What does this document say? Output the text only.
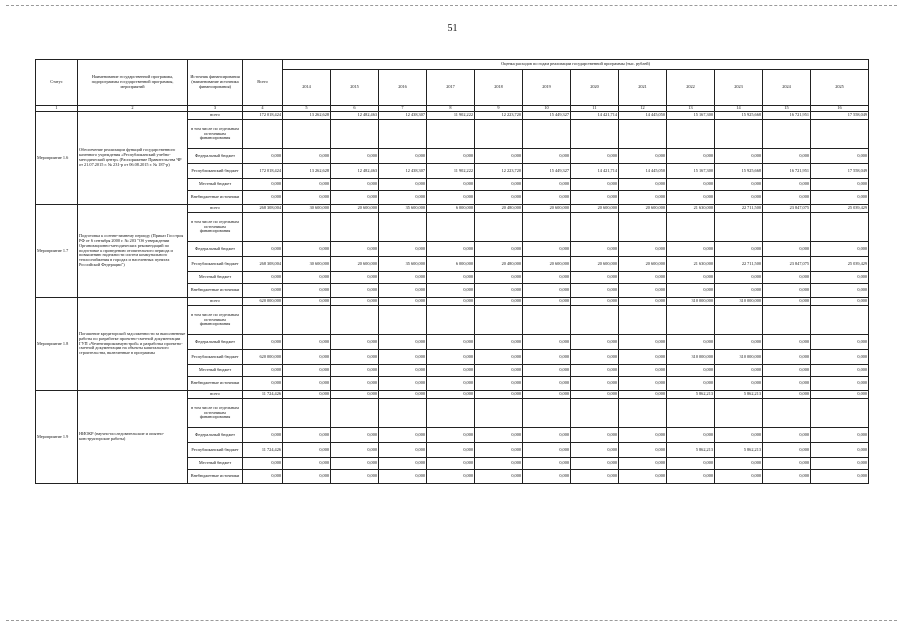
51
Статус	Наименование государственной программы, подпрограммы государственной программы, мероприятий	Источник финансирования (наименование источника финансирования)	Всего	Оценка расходов по годам реализации государственной программы (тыс. рублей)											
				2014	2015	2016	2017	2018	2019	2020	2021	2022	2023	2024	2025
1	2	3	4	5	6	7	8	9	10	11	12	13	14	15	16
Мероприятие 1.6	Обеспечение реализации функций государственного казенного учреждения «Республиканский учебно-методический центр» (Распоряжение Правительства ЧР от 21.07.2015 г. № 231-р от 06.08.2015 г. № 187-р)	всего	172 018,424	13 262,628	12 482,463	12 438,307	11 902,222	12 223,720	15 449,327	14 421,714	14 445,050	15 167,300	15 925,668	16 721,951	17 558,049
		в том числе по отдельным источникам финансирования													
		Федеральный бюджет	0,000	0,000	0,000	0,000	0,000	0,000	0,000	0,000	0,000	0,000	0,000	0,000	0,000
		Республиканский бюджет	172 018,424	13 262,628	12 482,463	12 438,307	11 902,222	12 223,720	15 449,327	14 421,714	14 445,050	15 167,300	15 925,668	16 721,951	17 558,049
		Местный бюджет	0,000	0,000	0,000	0,000	0,000	0,000	0,000	0,000	0,000	0,000	0,000	0,000	0,000
		Внебюджетные источники	0,000	0,000	0,000	0,000	0,000	0,000	0,000	0,000	0,000	0,000	0,000	0,000	0,000
Мероприятие 1.7	Подготовка к осенне-зимнему периоду (Приказ Госстроя РФ от 6 сентября 2000 г. № 203 "Об утверждении Организационно-методических рекомендаций по подготовке к проведению отопительного периода и повышению надежности систем коммунального теплоснабжения в городах и населенных пунктах Российской Федерации")	всего	268 308,004	30 600,000	20 600,000	35 600,000	6 000,000	20 480,000	20 600,000	20 600,000	20 600,000	21 630,000	22 711,500	23 847,075	25 039,429
		в том числе по отдельным источникам финансирования													
		Федеральный бюджет	0,000	0,000	0,000	0,000	0,000	0,000	0,000	0,000	0,000	0,000	0,000	0,000	0,000
		Республиканский бюджет	268 308,004	30 600,000	20 600,000	35 600,000	6 000,000	20 480,000	20 600,000	20 600,000	20 600,000	21 630,000	22 711,500	23 847,075	25 039,429
		Местный бюджет	0,000	0,000	0,000	0,000	0,000	0,000	0,000	0,000	0,000	0,000	0,000	0,000	0,000
		Внебюджетные источники	0,000	0,000	0,000	0,000	0,000	0,000	0,000	0,000	0,000	0,000	0,000	0,000	0,000
Мероприятие 1.8	Погашение кредиторской задолженности за выполненные работы по разработке проектно-сметной документации ГУП «Чеченгипрокоммунстрой» и разработка проектно-сметной документации на объекты капитального строительства, включенные в программы	всего	620 000,000	0,000	0,000	0,000	0,000	0,000	0,000	0,000	0,000	310 000,000	310 000,000	0,000	0,000
		в том числе по отдельным источникам финансирования													
		Федеральный бюджет	0,000	0,000	0,000	0,000	0,000	0,000	0,000	0,000	0,000	0,000	0,000	0,000	0,000
		Республиканский бюджет	620 000,000	0,000	0,000	0,000	0,000	0,000	0,000	0,000	0,000	310 000,000	310 000,000	0,000	0,000
		Местный бюджет	0,000	0,000	0,000	0,000	0,000	0,000	0,000	0,000	0,000	0,000	0,000	0,000	0,000
		Внебюджетные источники	0,000	0,000	0,000	0,000	0,000	0,000	0,000	0,000	0,000	0,000	0,000	0,000	0,000
Мероприятие 1.9	НИОКР (научно-исследовательские и опытно-конструкторские работы)	всего	11 724,426	0,000	0,000	0,000	0,000	0,000	0,000	0,000	0,000	5 862,213	5 862,213	0,000	0,000
		в том числе по отдельным источникам финансирования													
		Федеральный бюджет	0,000	0,000	0,000	0,000	0,000	0,000	0,000	0,000	0,000	0,000	0,000	0,000	0,000
		Республиканский бюджет	11 724,426	0,000	0,000	0,000	0,000	0,000	0,000	0,000	0,000	5 862,213	5 862,213	0,000	0,000
		Местный бюджет	0,000	0,000	0,000	0,000	0,000	0,000	0,000	0,000	0,000	0,000	0,000	0,000	0,000
		Внебюджетные источники	0,000	0,000	0,000	0,000	0,000	0,000	0,000	0,000	0,000	0,000	0,000	0,000	0,000
